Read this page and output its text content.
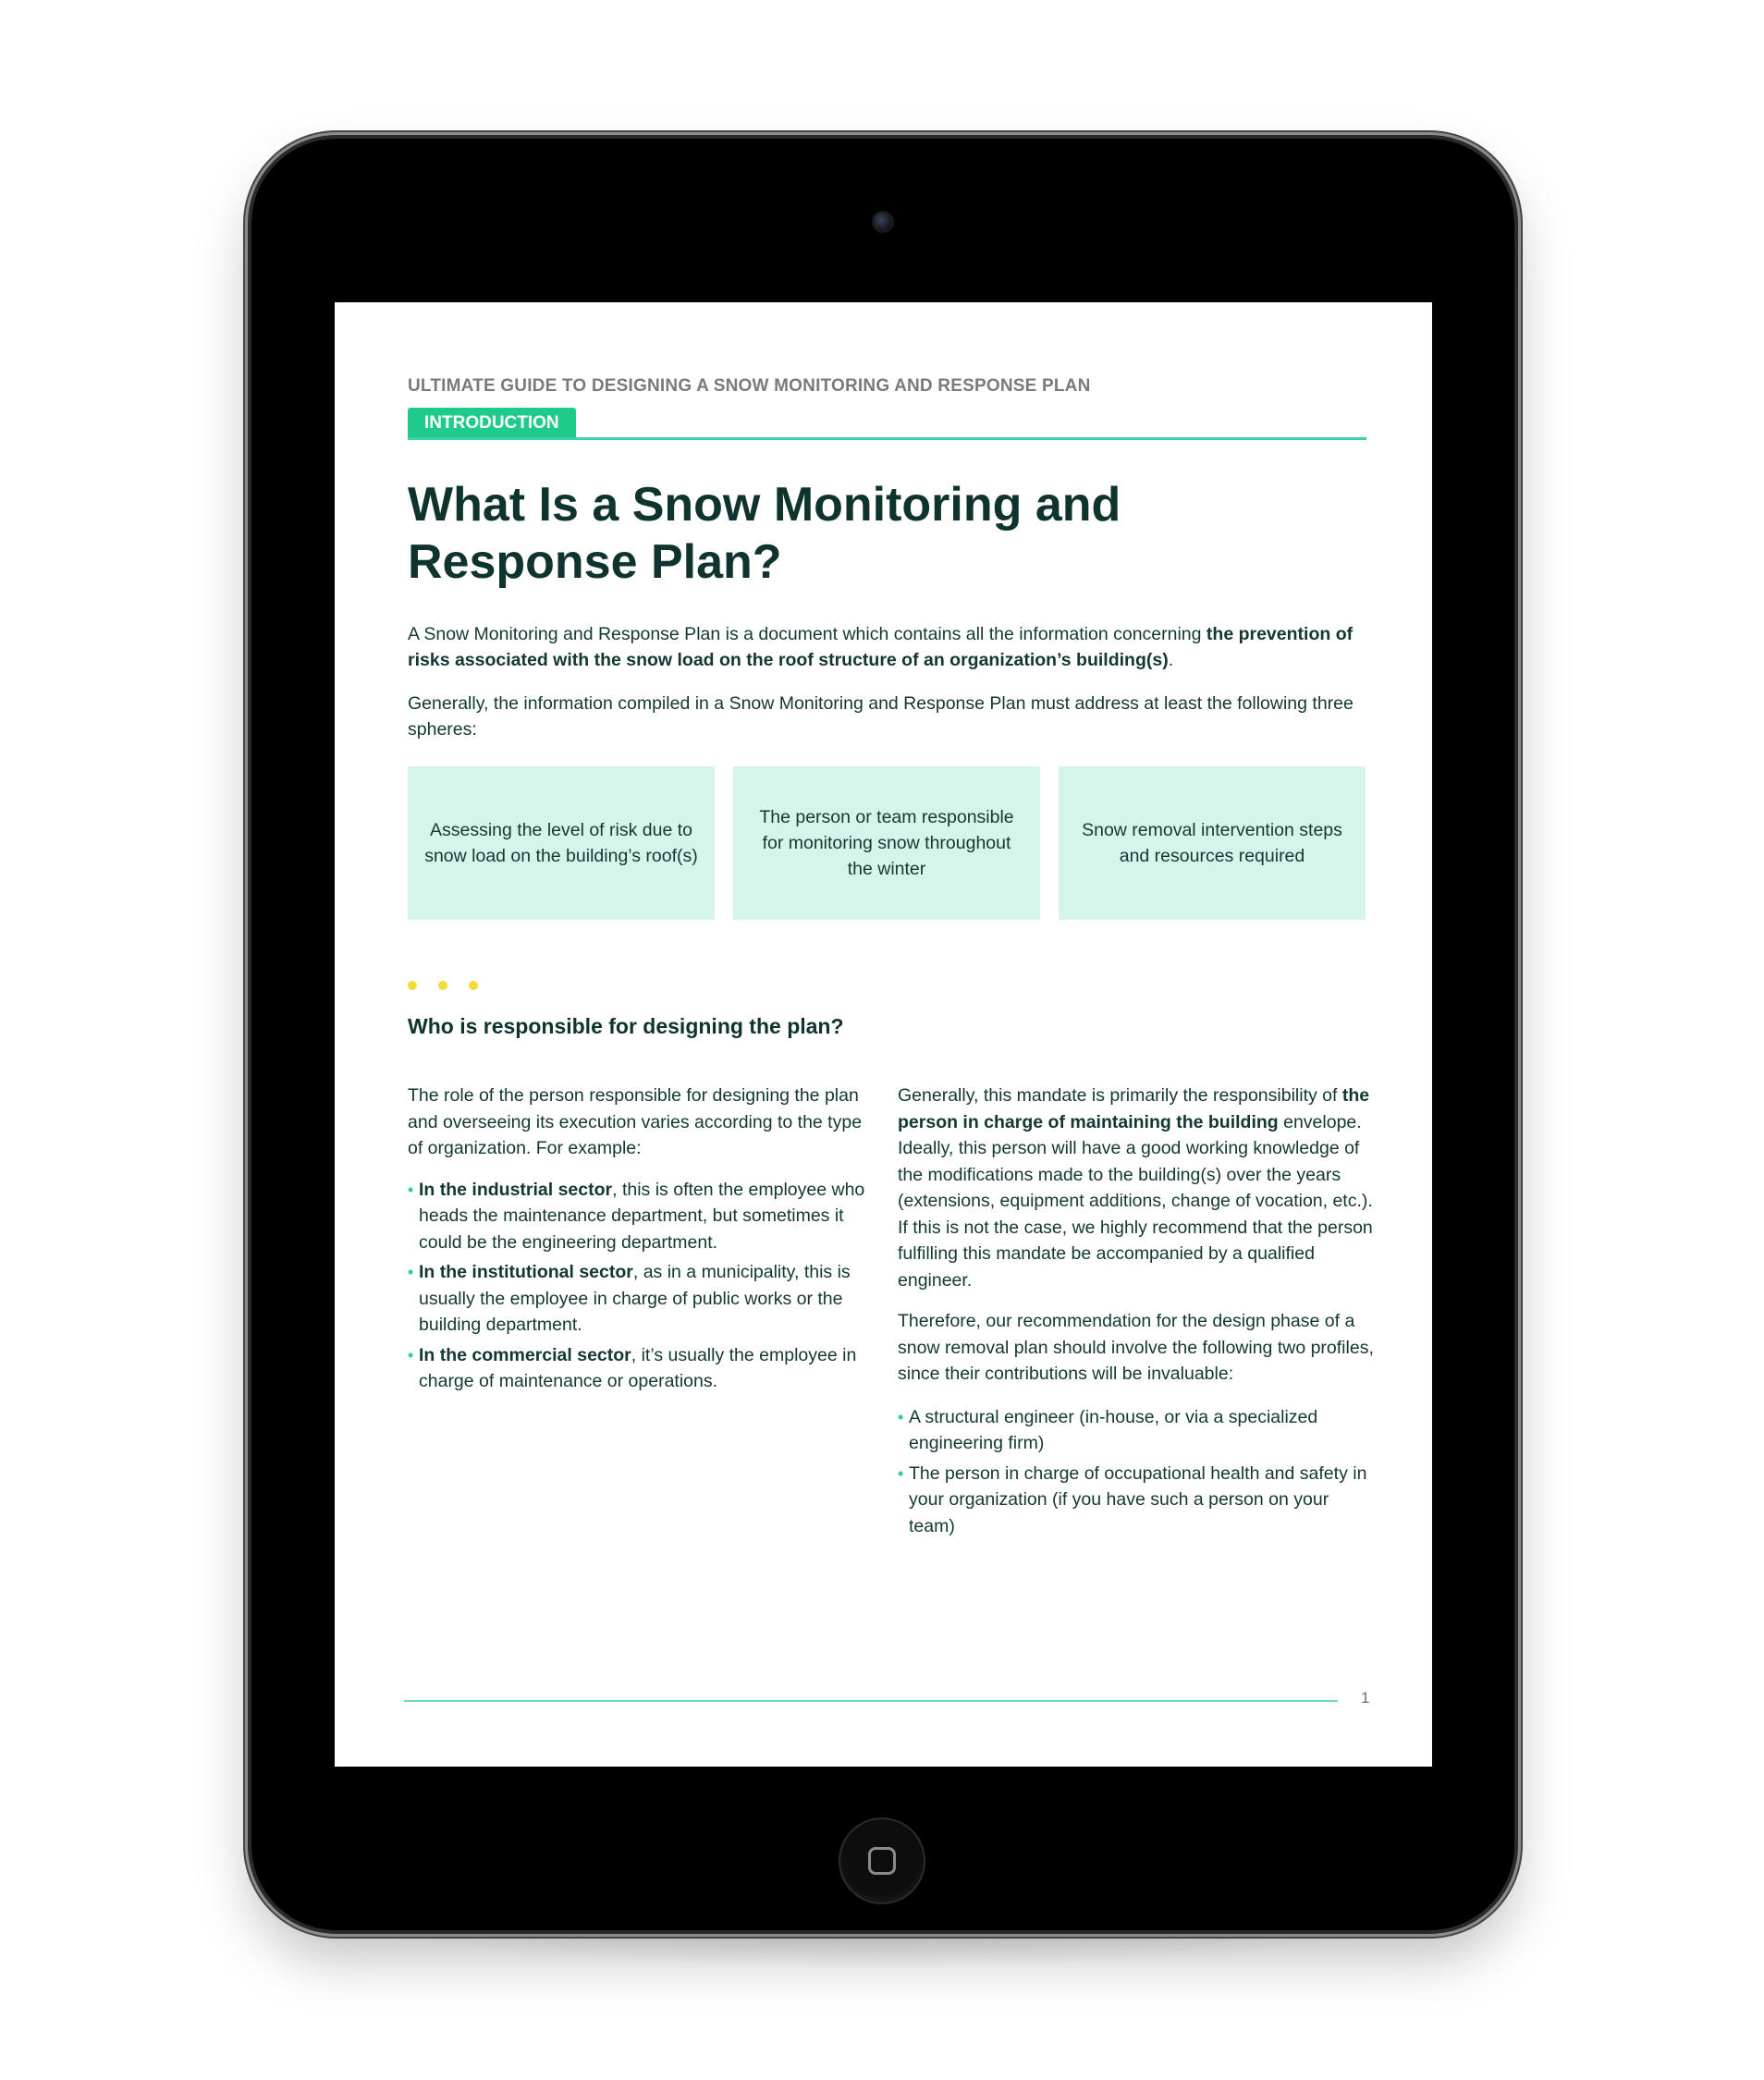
ULTIMATE GUIDE TO DESIGNING A SNOW MONITORING AND RESPONSE PLAN
INTRODUCTION
What Is a Snow Monitoring and Response Plan?

A Snow Monitoring and Response Plan is a document which contains all the information concerning the prevention of risks associated with the snow load on the roof structure of an organization’s building(s).

Generally, the information compiled in a Snow Monitoring and Response Plan must address at least the following three spheres:

Assessing the level of risk due to snow load on the building’s roof(s)
The person or team responsible for monitoring snow throughout the winter
Snow removal intervention steps and resources required
Who is responsible for designing the plan?

The role of the person responsible for designing the plan and overseeing its execution varies according to the type of organization. For example:

• In the industrial sector, this is often the employee who heads the maintenance department, but sometimes it could be the engineering department.
• In the institutional sector, as in a municipality, this is usually the employee in charge of public works or the building department.
• In the commercial sector, it’s usually the employee in charge of maintenance or operations.

Generally, this mandate is primarily the responsibility of the person in charge of maintaining the building envelope. Ideally, this person will have a good working knowledge of the modifications made to the building(s) over the years (extensions, equipment additions, change of vocation, etc.). If this is not the case, we highly recommend that the person fulfilling this mandate be accompanied by a qualified engineer.

Therefore, our recommendation for the design phase of a snow removal plan should involve the following two profiles, since their contributions will be invaluable:

• A structural engineer (in-house, or via a specialized engineering firm)
• The person in charge of occupational health and safety in your organization (if you have such a person on your team)
1
